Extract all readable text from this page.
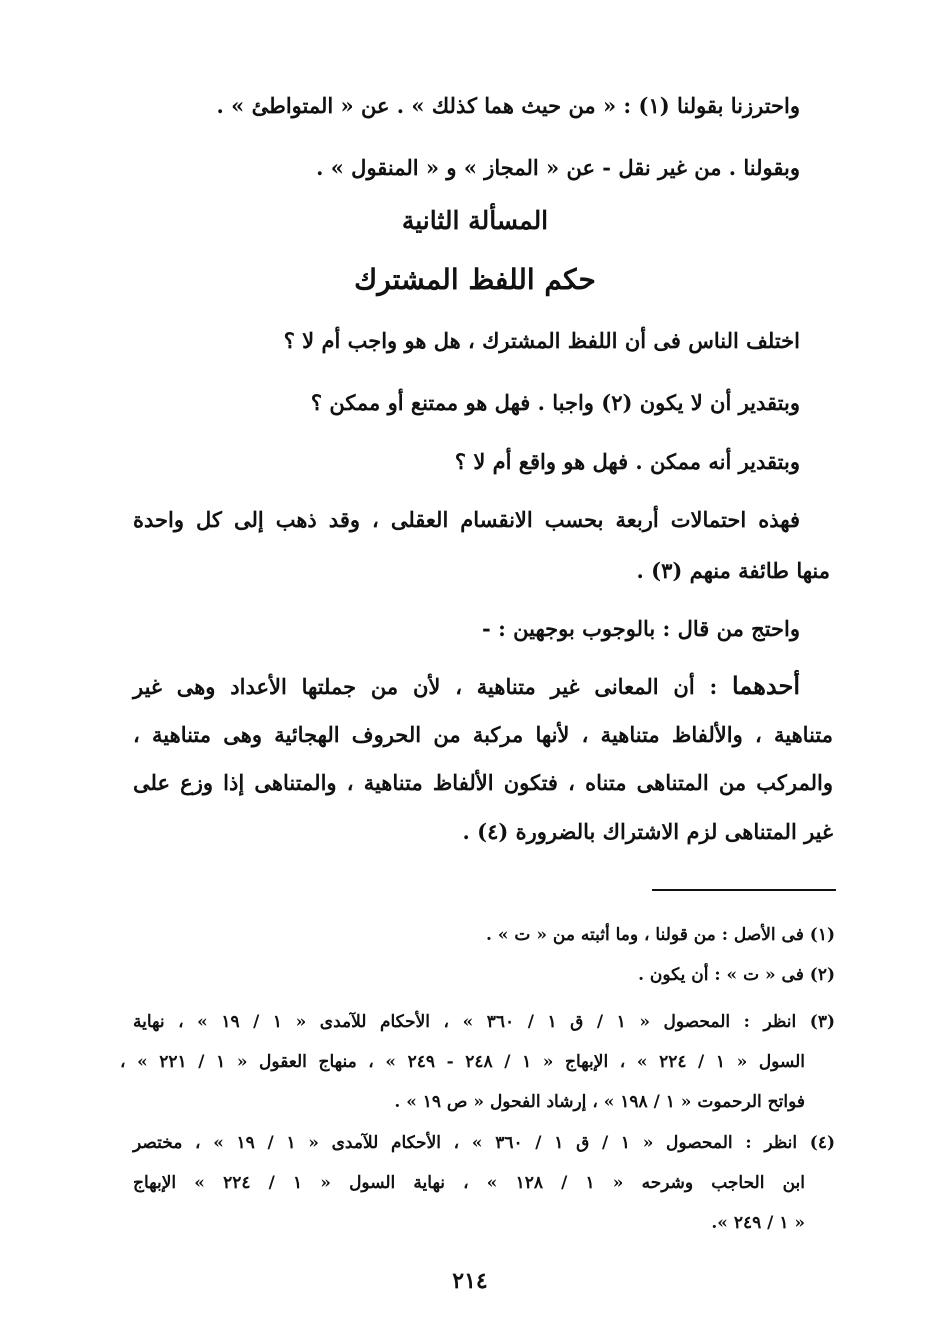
واحترزنا بقولنا (١) : « من حيث هما كذلك » . عن « المتواطئ » .
وبقولنا . من غير نقل - عن « المجاز » و « المنقول » .
المسألة الثانية
حكم اللفظ المشترك
اختلف الناس فى أن اللفظ المشترك ، هل هو واجب أم لا ؟
وبتقدير أن لا يكون (٢) واجبا . فهل هو ممتنع أو ممكن ؟
وبتقدير أنه ممكن . فهل هو واقع أم لا ؟
فهذه احتمالات أربعة بحسب الانقسام العقلى ، وقد ذهب إلى كل واحدة
منها طائفة منهم (٣) .
واحتج من قال : بالوجوب بوجهين : -
أحدهما : أن المعانى غير متناهية ، لأن من جملتها الأعداد وهى غير
متناهية ، والألفاظ متناهية ، لأنها مركبة من الحروف الهجائية وهى متناهية ،
والمركب من المتناهى متناه ، فتكون الألفاظ متناهية ، والمتناهى إذا وزع على
غير المتناهى لزم الاشتراك بالضرورة (٤) .
(١) فى الأصل : من قولنا ، وما أثبته من « ت » .
(٢) فى « ت » : أن يكون .
(٣) انظر : المحصول « ١ / ق ١ / ٣٦٠ » ، الأحكام للآمدى « ١ / ١٩ » ، نهاية
السول « ١ / ٢٢٤ » ، الإبهاج « ١ / ٢٤٨ - ٢٤٩ » ، منهاج العقول « ١ / ٢٢١ » ،
فواتح الرحموت « ١ / ١٩٨ » ، إرشاد الفحول « ص ١٩ » .
(٤) انظر : المحصول « ١ / ق ١ / ٣٦٠ » ، الأحكام للآمدى « ١ / ١٩ » ، مختصر
ابن الحاجب وشرحه « ١ / ١٢٨ » ، نهاية السول « ١ / ٢٢٤ » الإبهاج
« ١ / ٢٤٩ ».
٢١٤
